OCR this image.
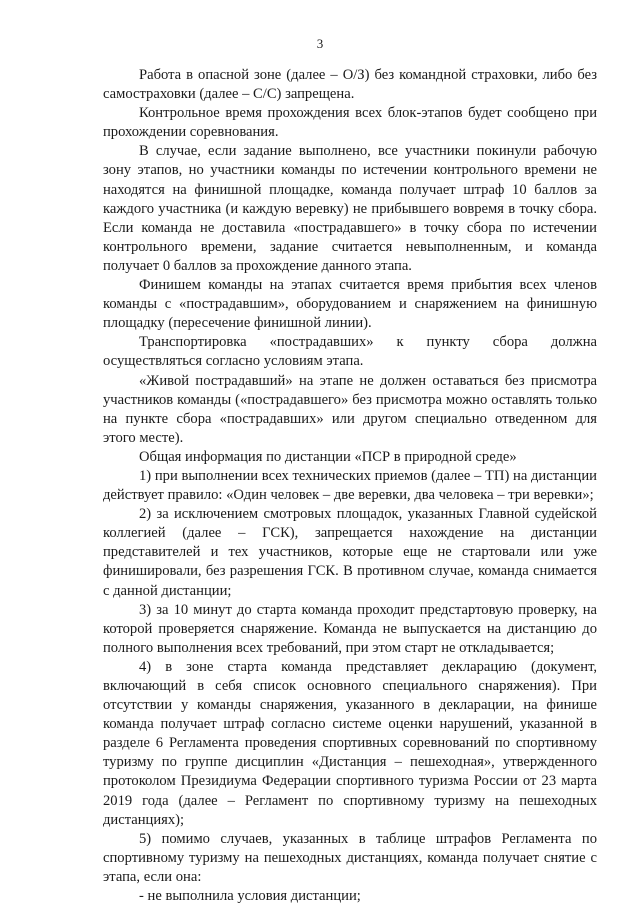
3

Работа в опасной зоне (далее – О/З) без командной страховки, либо без самостраховки (далее – С/С) запрещена.

Контрольное время прохождения всех блок-этапов будет сообщено при прохождении соревнования.

В случае, если задание выполнено, все участники покинули рабочую зону этапов, но участники команды по истечении контрольного времени не находятся на финишной площадке, команда получает штраф 10 баллов за каждого участника (и каждую веревку) не прибывшего вовремя в точку сбора. Если команда не доставила «пострадавшего» в точку сбора по истечении контрольного времени, задание считается невыполненным, и команда получает 0 баллов за прохождение данного этапа.

Финишем команды на этапах считается время прибытия всех членов команды с «пострадавшим», оборудованием и снаряжением на финишную площадку (пересечение финишной линии).

Транспортировка «пострадавших» к пункту сбора должна осуществляться согласно условиям этапа.

«Живой пострадавший» на этапе не должен оставаться без присмотра участников команды («пострадавшего» без присмотра можно оставлять только на пункте сбора «пострадавших» или другом специально отведенном для этого месте).

Общая информация по дистанции «ПСР в природной среде»

1) при выполнении всех технических приемов (далее – ТП) на дистанции действует правило: «Один человек – две веревки, два человека – три веревки»;

2) за исключением смотровых площадок, указанных Главной судейской коллегией (далее – ГСК), запрещается нахождение на дистанции представителей и тех участников, которые еще не стартовали или уже финишировали, без разрешения ГСК. В противном случае, команда снимается с данной дистанции;

3) за 10 минут до старта команда проходит предстартовую проверку, на которой проверяется снаряжение. Команда не выпускается на дистанцию до полного выполнения всех требований, при этом старт не откладывается;

4) в зоне старта команда представляет декларацию (документ, включающий в себя список основного специального снаряжения). При отсутствии у команды снаряжения, указанного в декларации, на финише команда получает штраф согласно системе оценки нарушений, указанной в разделе 6 Регламента проведения спортивных соревнований по спортивному туризму по группе дисциплин «Дистанция – пешеходная», утвержденного протоколом Президиума Федерации спортивного туризма России от 23 марта 2019 года (далее – Регламент по спортивному туризму на пешеходных дистанциях);

5) помимо случаев, указанных в таблице штрафов Регламента по спортивному туризму на пешеходных дистанциях, команда получает снятие с этапа, если она:

- не выполнила условия дистанции;
